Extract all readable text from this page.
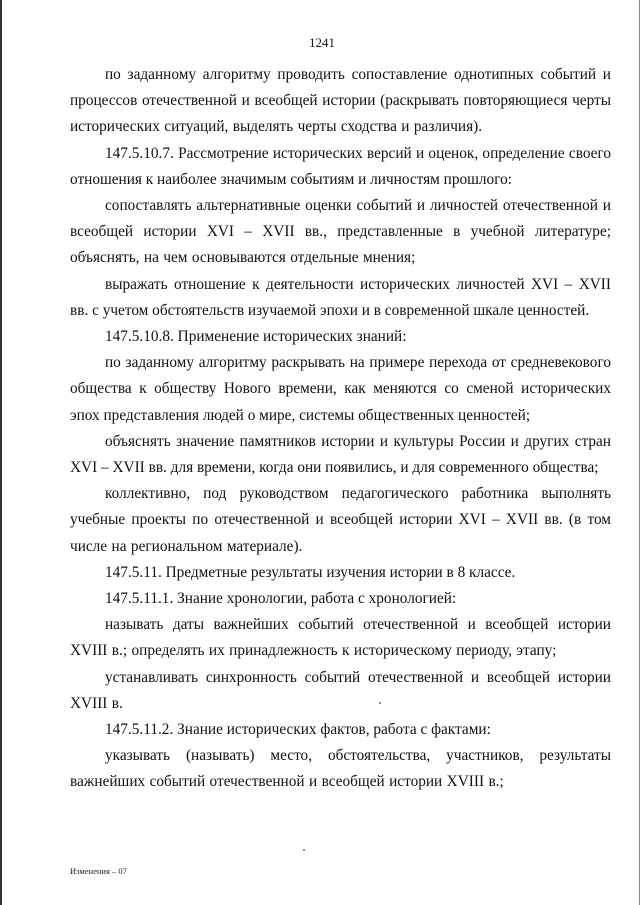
1241

по заданному алгоритму проводить сопоставление однотипных событий и процессов отечественной и всеобщей истории (раскрывать повторяющиеся черты исторических ситуаций, выделять черты сходства и различия).

147.5.10.7. Рассмотрение исторических версий и оценок, определение своего отношения к наиболее значимым событиям и личностям прошлого:

сопоставлять альтернативные оценки событий и личностей отечественной и всеобщей истории XVI – XVII вв., представленные в учебной литературе; объяснять, на чем основываются отдельные мнения;

выражать отношение к деятельности исторических личностей XVI – XVII вв. с учетом обстоятельств изучаемой эпохи и в современной шкале ценностей.

147.5.10.8. Применение исторических знаний:

по заданному алгоритму раскрывать на примере перехода от средневекового общества к обществу Нового времени, как меняются со сменой исторических эпох представления людей о мире, системы общественных ценностей;

объяснять значение памятников истории и культуры России и других стран XVI – XVII вв. для времени, когда они появились, и для современного общества;

коллективно, под руководством педагогического работника выполнять учебные проекты по отечественной и всеобщей истории XVI – XVII вв. (в том числе на региональном материале).

147.5.11. Предметные результаты изучения истории в 8 классе.

147.5.11.1. Знание хронологии, работа с хронологией:

называть даты важнейших событий отечественной и всеобщей истории XVIII в.; определять их принадлежность к историческому периоду, этапу;

устанавливать синхронность событий отечественной и всеобщей истории XVIII в.

147.5.11.2. Знание исторических фактов, работа с фактами:

указывать (называть) место, обстоятельства, участников, результаты важнейших событий отечественной и всеобщей истории XVIII в.;

Изменения – 07
